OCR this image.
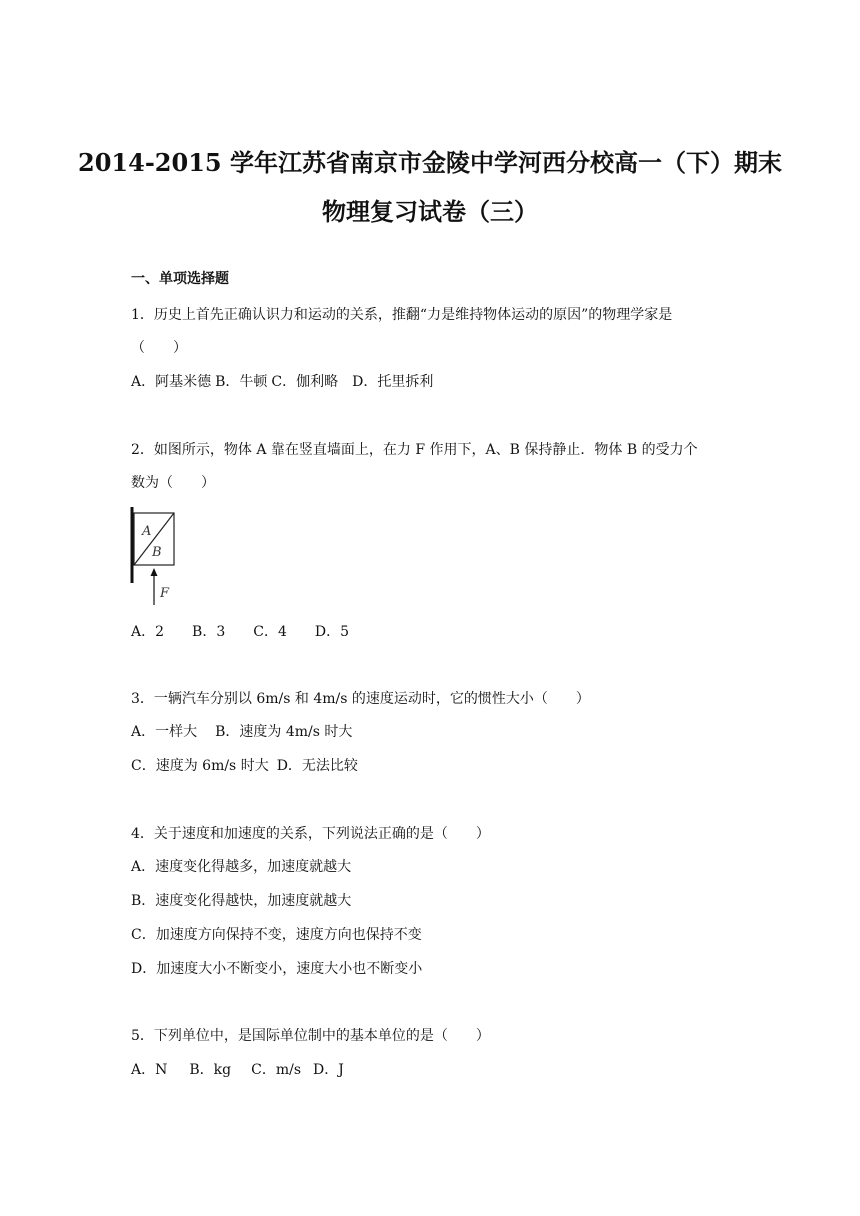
2014-2015 学年江苏省南京市金陵中学河西分校高一（下）期末
物理复习试卷（三）
一、单项选择题
1．历史上首先正确认识力和运动的关系，推翻“力是维持物体运动的原因”的物理学家是
（　　）
A．阿基米德 B．牛顿 C．伽利略 D．托里拆利
2．如图所示，物体 A 靠在竖直墙面上，在力 F 作用下，A、B 保持静止．物体 B 的受力个
数为（　　）
A
B
F
A．2 B．3 C．4 D．5
3．一辆汽车分别以 6m/s 和 4m/s 的速度运动时，它的惯性大小（　　）
A．一样大 B．速度为 4m/s 时大
C．速度为 6m/s 时大 D．无法比较
4．关于速度和加速度的关系，下列说法正确的是（　　）
A．速度变化得越多，加速度就越大
B．速度变化得越快，加速度就越大
C．加速度方向保持不变，速度方向也保持不变
D．加速度大小不断变小，速度大小也不断变小
5．下列单位中，是国际单位制中的基本单位的是（　　）
A．N B．kg C．m/s D．J
